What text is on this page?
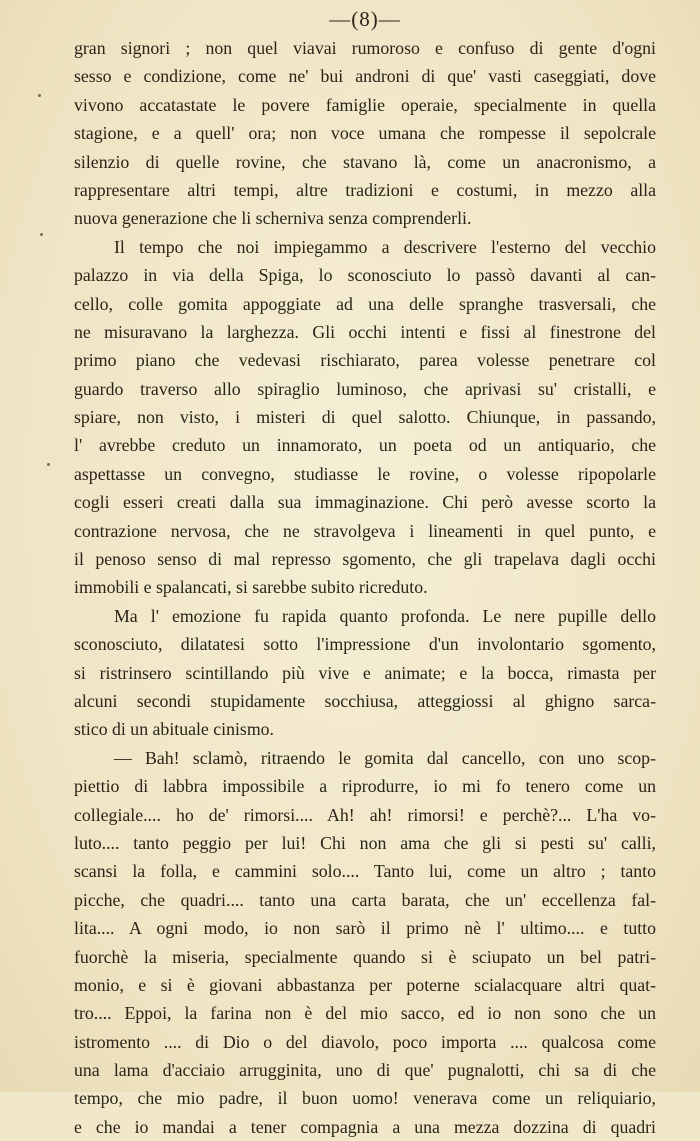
—(8)—
gran signori ; non quel viavai rumoroso e confuso di gente d'ogni
sesso e condizione, come ne' bui androni di que' vasti caseggiati, dove
vivono accatastate le povere famiglie operaie, specialmente in quella
stagione, e a quell' ora; non voce umana che rompesse il sepolcrale
silenzio di quelle rovine, che stavano là, come un anacronismo, a
rappresentare altri tempi, altre tradizioni e costumi, in mezzo alla
nuova generazione che li scherniva senza comprenderli.
Il tempo che noi impiegammo a descrivere l'esterno del vecchio
palazzo in via della Spiga, lo sconosciuto lo passò davanti al can-
cello, colle gomita appoggiate ad una delle spranghe trasversali, che
ne misuravano la larghezza. Gli occhi intenti e fissi al finestrone del
primo piano che vedevasi rischiarato, parea volesse penetrare col
guardo traverso allo spiraglio luminoso, che aprivasi su' cristalli, e
spiare, non visto, i misteri di quel salotto. Chiunque, in passando,
l' avrebbe creduto un innamorato, un poeta od un antiquario, che
aspettasse un convegno, studiasse le rovine, o volesse ripopolarle
cogli esseri creati dalla sua immaginazione. Chi però avesse scorto la
contrazione nervosa, che ne stravolgeva i lineamenti in quel punto, e
il penoso senso di mal represso sgomento, che gli trapelava dagli occhi
immobili e spalancati, si sarebbe subito ricreduto.
Ma l' emozione fu rapida quanto profonda. Le nere pupille dello
sconosciuto, dilatatesi sotto l'impressione d'un involontario sgomento,
si ristrinsero scintillando più vive e animate; e la bocca, rimasta per
alcuni secondi stupidamente socchiusa, atteggiossi al ghigno sarca-
stico di un abituale cinismo.
— Bah! sclamò, ritraendo le gomita dal cancello, con uno scop-
piettio di labbra impossibile a riprodurre, io mi fo tenero come un
collegiale.... ho de' rimorsi.... Ah! ah! rimorsi! e perchè?... L'ha vo-
luto.... tanto peggio per lui! Chi non ama che gli si pesti su' calli,
scansi la folla, e cammini solo.... Tanto lui, come un altro ; tanto
picche, che quadri.... tanto una carta barata, che un' eccellenza fal-
lita.... A ogni modo, io non sarò il primo nè l' ultimo.... e tutto
fuorchè la miseria, specialmente quando si è sciupato un bel patri-
monio, e si è giovani abbastanza per poterne scialacquare altri quat-
tro.... Eppoi, la farina non è del mio sacco, ed io non sono che un
istromento .... di Dio o del diavolo, poco importa .... qualcosa come
una lama d'acciaio arrugginita, uno di que' pugnalotti, chi sa di che
tempo, che mio padre, il buon uomo! venerava come un reliquiario,
e che io mandai a tener compagnia a una mezza dozzina di quadri
